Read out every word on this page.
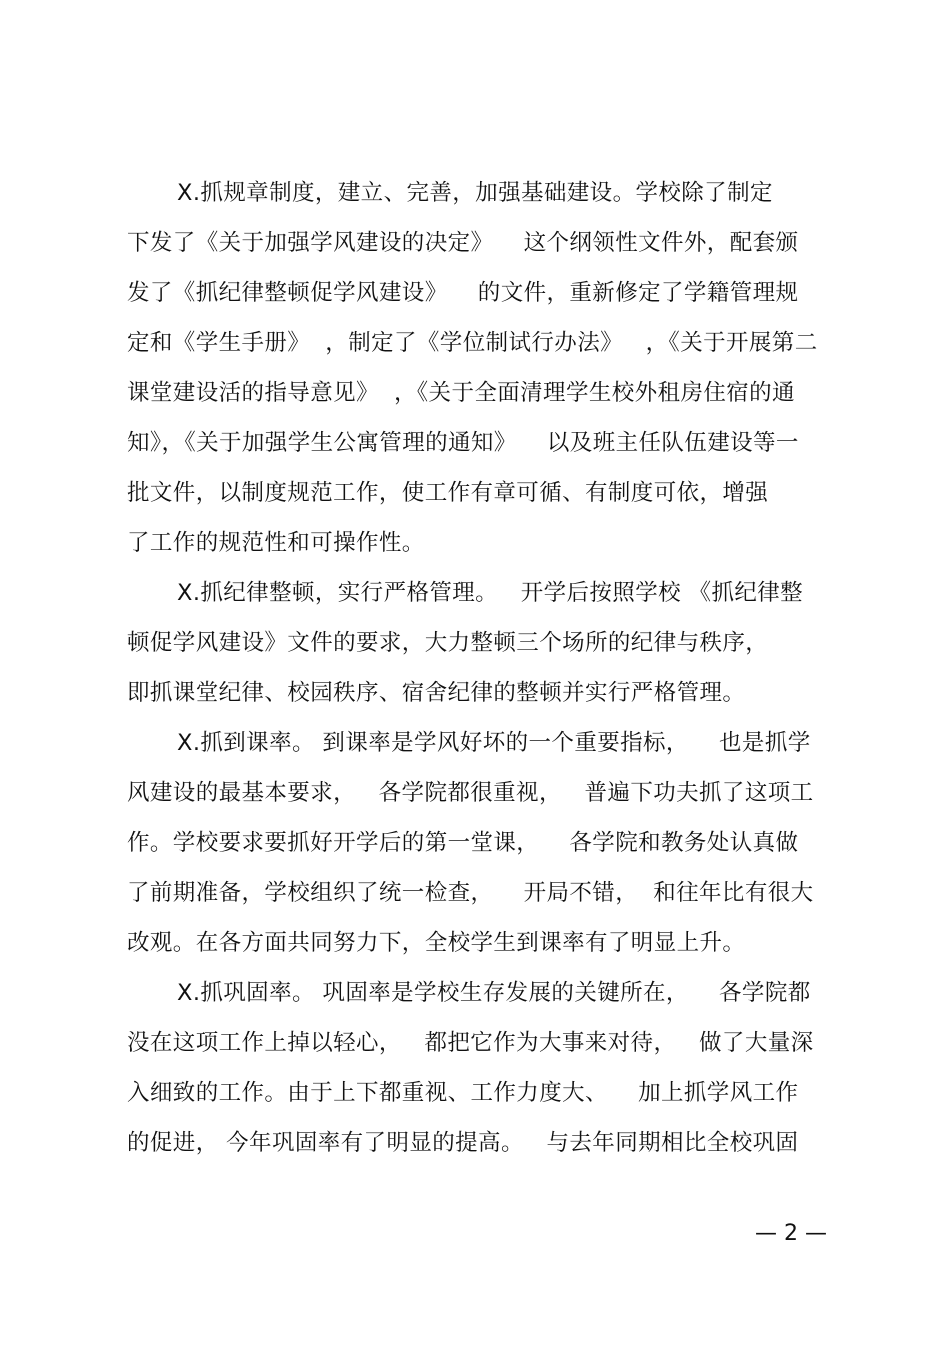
X.抓规章制度，建立、完善，加强基础建设。学校除了制定
下发了《关于加强学风建设的决定》    这个纲领性文件外，配套颁
发了《抓纪律整顿促学风建设》    的文件，重新修定了学籍管理规
定和《学生手册》  ，制定了《学位制试行办法》   ，《关于开展第二
课堂建设活的指导意见》  ，《关于全面清理学生校外租房住宿的通
知》，《关于加强学生公寓管理的通知》    以及班主任队伍建设等一
批文件，以制度规范工作，使工作有章可循、有制度可依，增强
了工作的规范性和可操作性。
X.抓纪律整顿，实行严格管理。   开学后按照学校 《抓纪律整
顿促学风建设》文件的要求，大力整顿三个场所的纪律与秩序，
即抓课堂纪律、校园秩序、宿舍纪律的整顿并实行严格管理。
X.抓到课率。 到课率是学风好坏的一个重要指标，    也是抓学
风建设的最基本要求，   各学院都很重视，   普遍下功夫抓了这项工
作。学校要求要抓好开学后的第一堂课，    各学院和教务处认真做
了前期准备，学校组织了统一检查，    开局不错，  和往年比有很大
改观。在各方面共同努力下，全校学生到课率有了明显上升。
X.抓巩固率。 巩固率是学校生存发展的关键所在，    各学院都
没在这项工作上掉以轻心，   都把它作为大事来对待，   做了大量深
入细致的工作。由于上下都重视、工作力度大、    加上抓学风工作
的促进， 今年巩固率有了明显的提高。   与去年同期相比全校巩固
— 2 —
